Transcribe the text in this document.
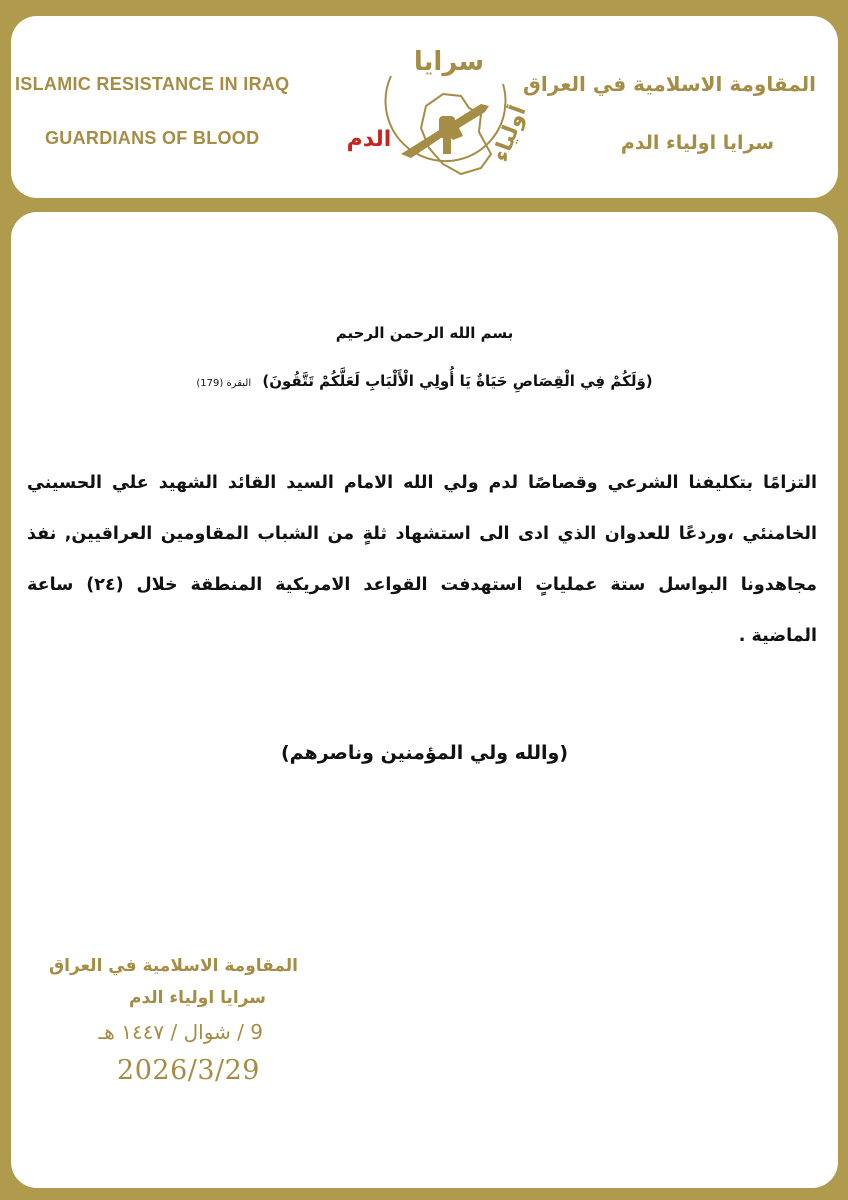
ISLAMIC RESISTANCE IN IRAQ
GUARDIANS OF BLOOD
المقاومة الاسلامية في العراق
سرايا اولياء الدم
سرايا
الدم	أولياء
بسم الله الرحمن الرحيم
(وَلَكُمْ فِي الْقِصَاصِ حَيَاةٌ يَا أُولِي الْأَلْبَابِ لَعَلَّكُمْ تَتَّقُونَ) البقرة (179)
التزامًا بتكليفنا الشرعي وقصاصًا لدم ولي الله الامام السيد القائد الشهيد علي الحسيني الخامنئي ،وردعًا للعدوان الذي ادى الى استشهاد ثلةٍ من الشباب المقاومين العراقيين, نفذ مجاهدونا البواسل ستة عملياتٍ استهدفت القواعد الامريكية المنطقة خلال (٢٤) ساعة الماضية .
(والله ولي المؤمنين وناصرهم)
المقاومة الاسلامية في العراق
سرايا اولياء الدم
9 / شوال / ١٤٤٧ هـ
2026/3/29
